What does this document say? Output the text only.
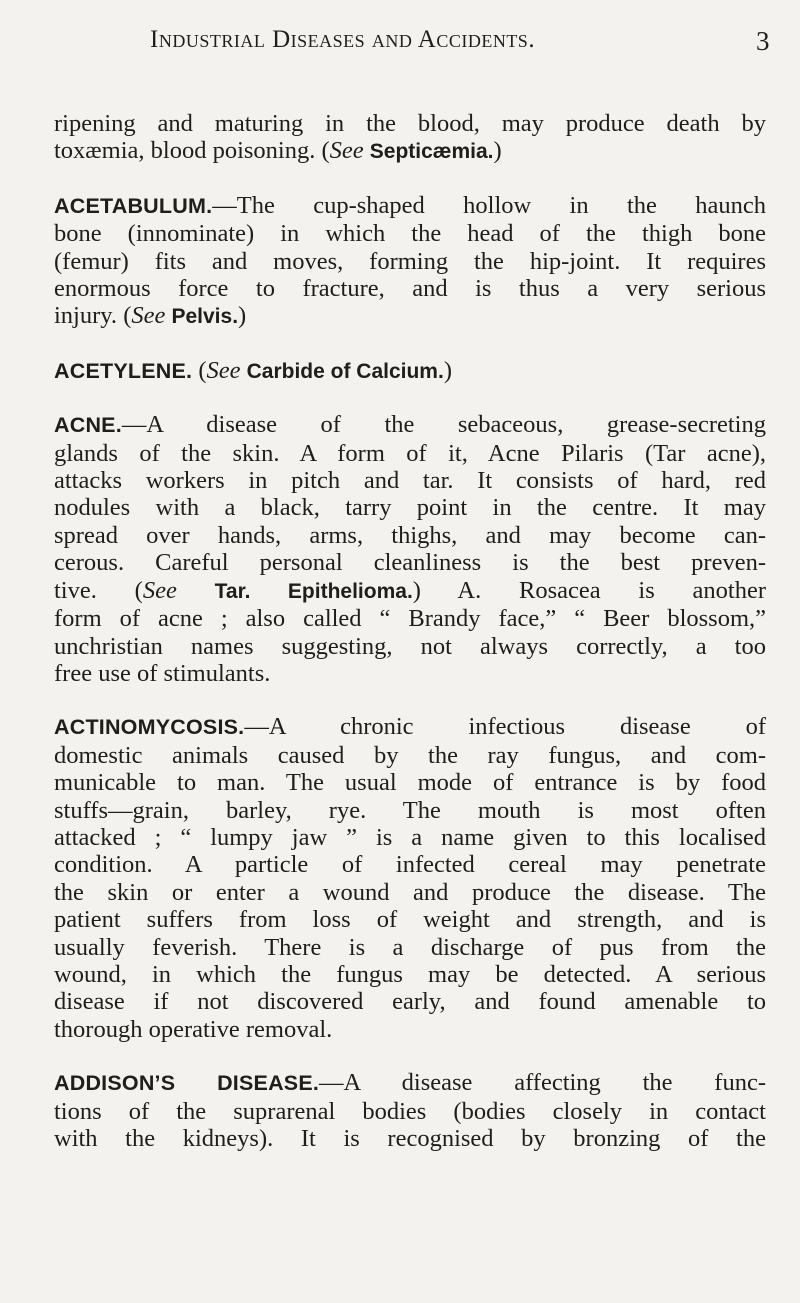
Industrial Diseases and Accidents.	3

ripening and maturing in the blood, may produce death by
toxæmia, blood poisoning. (See Septicæmia.)

ACETABULUM.—The cup-shaped hollow in the haunch
bone (innominate) in which the head of the thigh bone
(femur) fits and moves, forming the hip-joint. It requires
enormous force to fracture, and is thus a very serious
injury. (See Pelvis.)

ACETYLENE. (See Carbide of Calcium.)

ACNE.—A disease of the sebaceous, grease-secreting
glands of the skin. A form of it, Acne Pilaris (Tar acne),
attacks workers in pitch and tar. It consists of hard, red
nodules with a black, tarry point in the centre. It may
spread over hands, arms, thighs, and may become can-
cerous. Careful personal cleanliness is the best preven-
tive. (See Tar. Epithelioma.) A. Rosacea is another
form of acne ; also called “ Brandy face,” “ Beer blossom,”
unchristian names suggesting, not always correctly, a too
free use of stimulants.

ACTINOMYCOSIS.—A chronic infectious disease of
domestic animals caused by the ray fungus, and com-
municable to man. The usual mode of entrance is by food
stuffs—grain, barley, rye. The mouth is most often
attacked ; “ lumpy jaw ” is a name given to this localised
condition. A particle of infected cereal may penetrate
the skin or enter a wound and produce the disease. The
patient suffers from loss of weight and strength, and is
usually feverish. There is a discharge of pus from the
wound, in which the fungus may be detected. A serious
disease if not discovered early, and found amenable to
thorough operative removal.

ADDISON’S DISEASE.—A disease affecting the func-
tions of the suprarenal bodies (bodies closely in contact
with the kidneys). It is recognised by bronzing of the
